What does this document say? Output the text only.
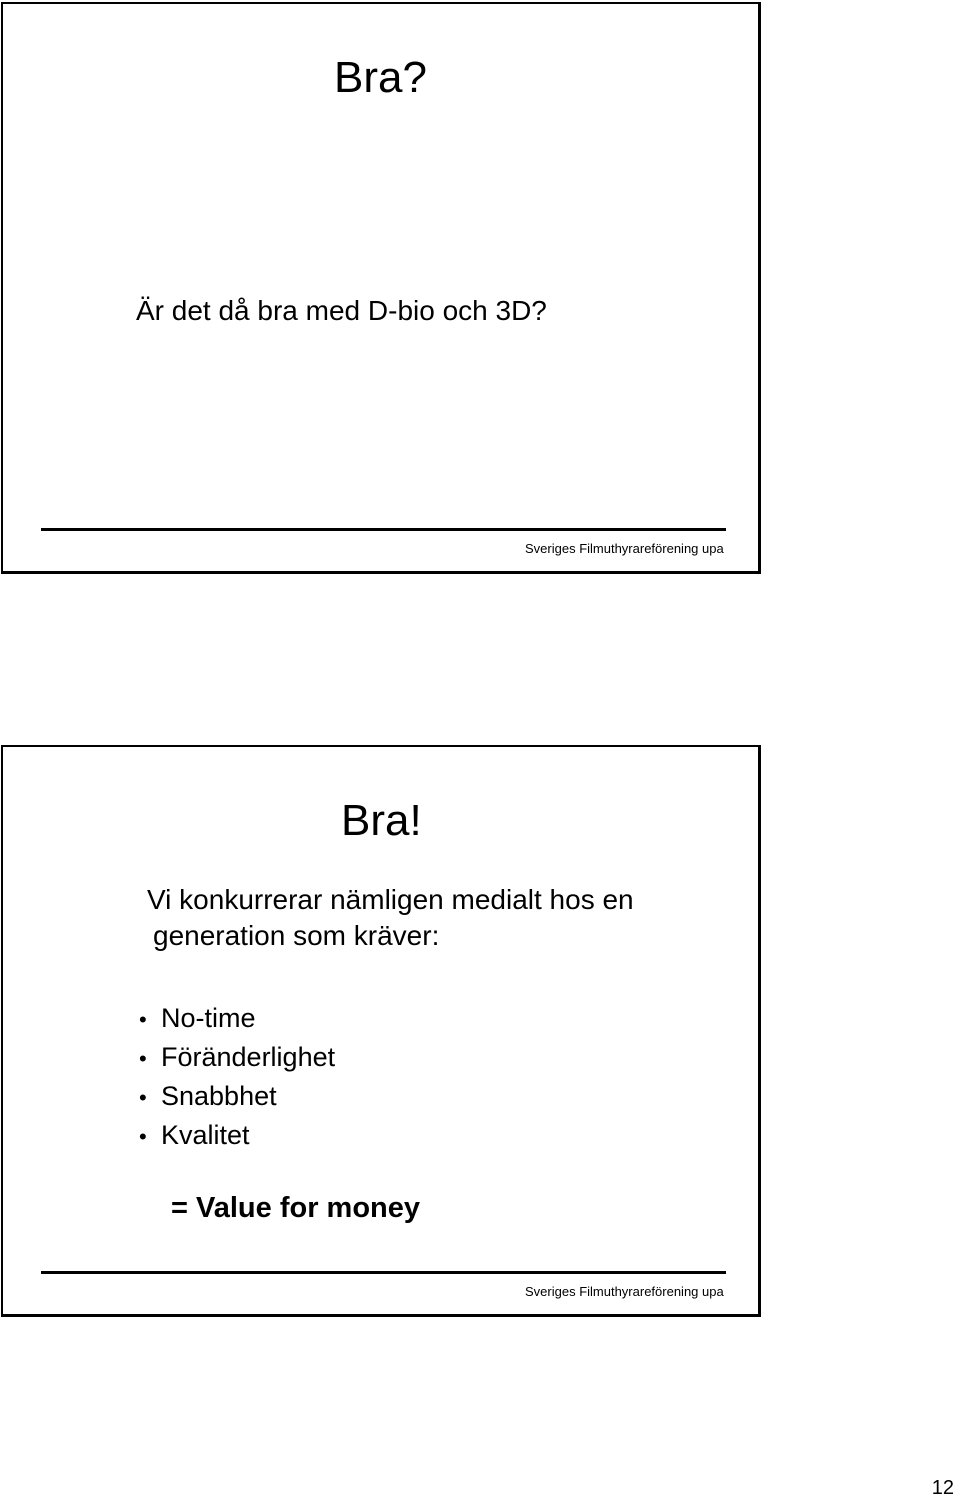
Bra?
Är det då bra med D-bio och 3D?
Sveriges Filmuthyrareförening upa
Bra!
Vi konkurrerar nämligen medialt hos en
generation som kräver:
• No-time
• Föränderlighet
• Snabbhet
• Kvalitet
= Value for money
Sveriges Filmuthyrareförening upa
12
